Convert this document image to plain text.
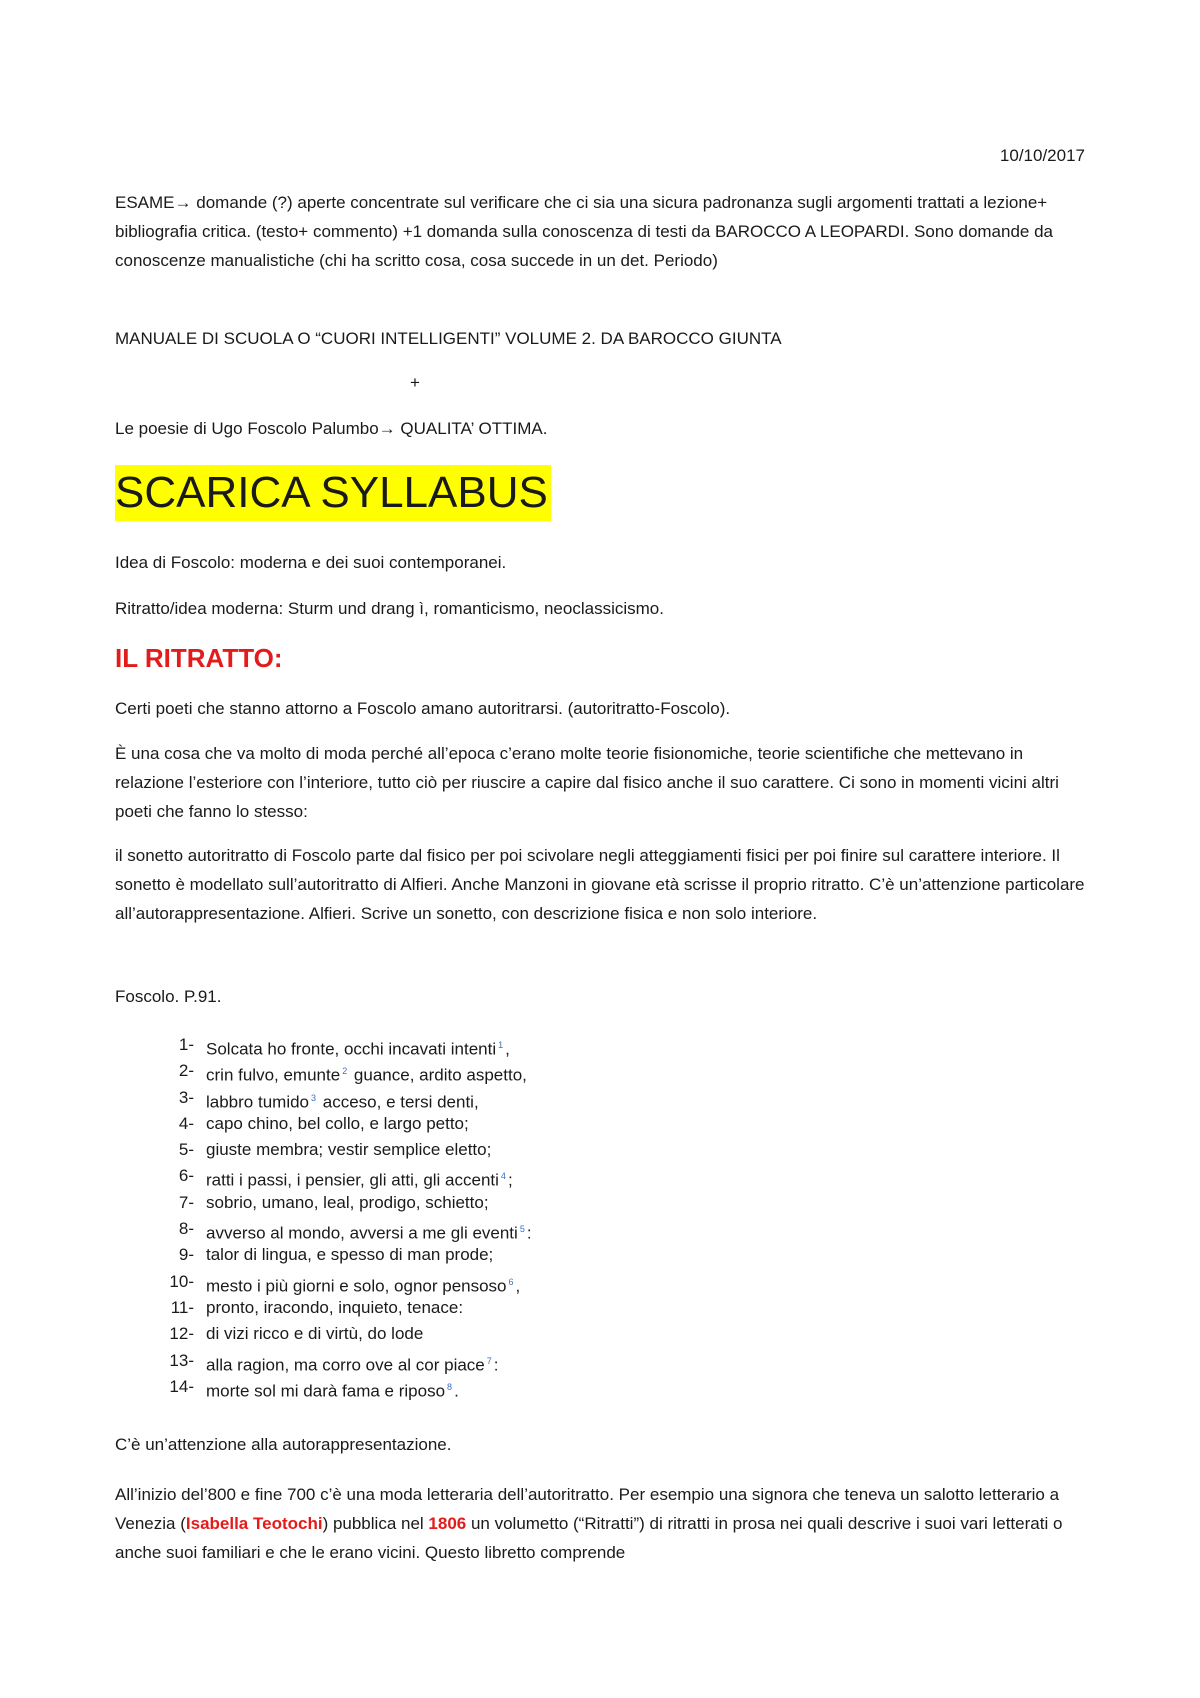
10/10/2017

ESAME→ domande (?) aperte concentrate sul verificare che ci sia una sicura padronanza sugli argomenti trattati a lezione+ bibliografia critica. (testo+ commento) +1 domanda sulla conoscenza di testi da BAROCCO A LEOPARDI. Sono domande da conoscenze manualistiche (chi ha scritto cosa, cosa succede in un det. Periodo)

MANUALE DI SCUOLA O “CUORI INTELLIGENTI” VOLUME 2. DA BAROCCO GIUNTA

+

Le poesie di Ugo Foscolo Palumbo→ QUALITA’ OTTIMA.

SCARICA SYLLABUS

Idea di Foscolo: moderna e dei suoi contemporanei.

Ritratto/idea moderna: Sturm und drang ì, romanticismo, neoclassicismo.

IL RITRATTO:

Certi poeti che stanno attorno a Foscolo amano autoritrarsi. (autoritratto-Foscolo).

È una cosa che va molto di moda perché all’epoca c’erano molte teorie fisionomiche, teorie scientifiche che mettevano in relazione l’esteriore con l’interiore, tutto ciò per riuscire a capire dal fisico anche il suo carattere. Ci sono in momenti vicini altri poeti che fanno lo stesso:

il sonetto autoritratto di Foscolo parte dal fisico per poi scivolare negli atteggiamenti fisici per poi finire sul carattere interiore. Il sonetto è modellato sull’autoritratto di Alfieri. Anche Manzoni in giovane età scrisse il proprio ritratto. C’è un’attenzione particolare all’autorappresentazione. Alfieri. Scrive un sonetto, con descrizione fisica e non solo interiore.

Foscolo. P.91.

1- Solcata ho fronte, occhi incavati intenti $^1$ ,
2- crin fulvo, emunte $^2$ guance, ardito aspetto,
3- labbro tumido $^3$ acceso, e tersi denti,
4- capo chino, bel collo, e largo petto;
5- giuste membra; vestir semplice eletto;
6- ratti i passi, i pensier, gli atti, gli accenti $^4$ ;
7- sobrio, umano, leal, prodigo, schietto;
8- avverso al mondo, avversi a me gli eventi $^5$ :
9- talor di lingua, e spesso di man prode;
10- mesto i più giorni e solo, ognor pensoso $^6$ ,
11- pronto, iracondo, inquieto, tenace:
12- di vizi ricco e di virtù, do lode
13- alla ragion, ma corro ove al cor piace $^7$ :
14- morte sol mi darà fama e riposo $^8$ .

C’è un’attenzione alla autorappresentazione.

All’inizio del’800 e fine 700 c’è una moda letteraria dell’autoritratto. Per esempio una signora che teneva un salotto letterario a Venezia (Isabella Teotochi) pubblica nel 1806 un volumetto (“Ritratti”) di ritratti in prosa nei quali descrive i suoi vari letterati o anche suoi familiari e che le erano vicini. Questo libretto comprende
